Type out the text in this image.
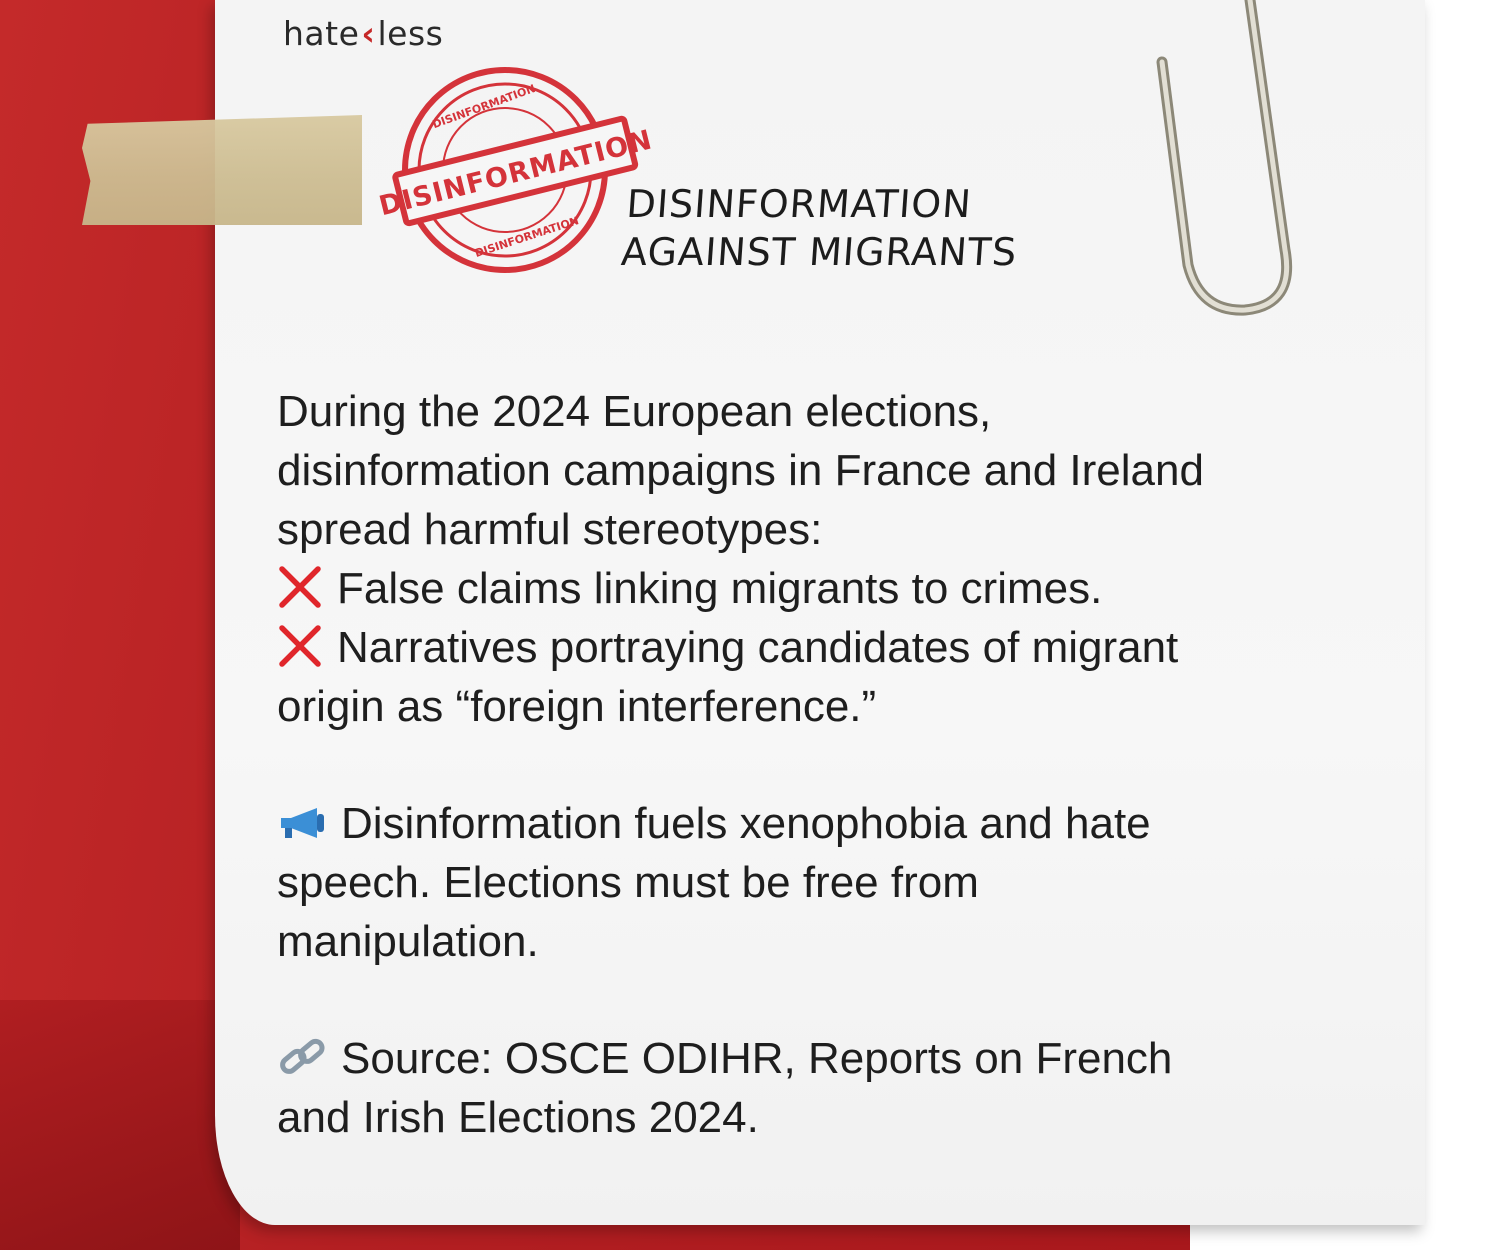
hate‹less
DISINFORMATION
DISINFORMATION
DISINFORMATION
DISINFORMATION
AGAINST MIGRANTS

During the 2024 European elections,
disinformation campaigns in France and Ireland
spread harmful stereotypes:

False claims linking migrants to crimes.

Narratives portraying candidates of migrant
origin as “foreign interference.”

Disinformation fuels xenophobia and hate
speech. Elections must be free from
manipulation.

Source: OSCE ODIHR, Reports on French
and Irish Elections 2024.
